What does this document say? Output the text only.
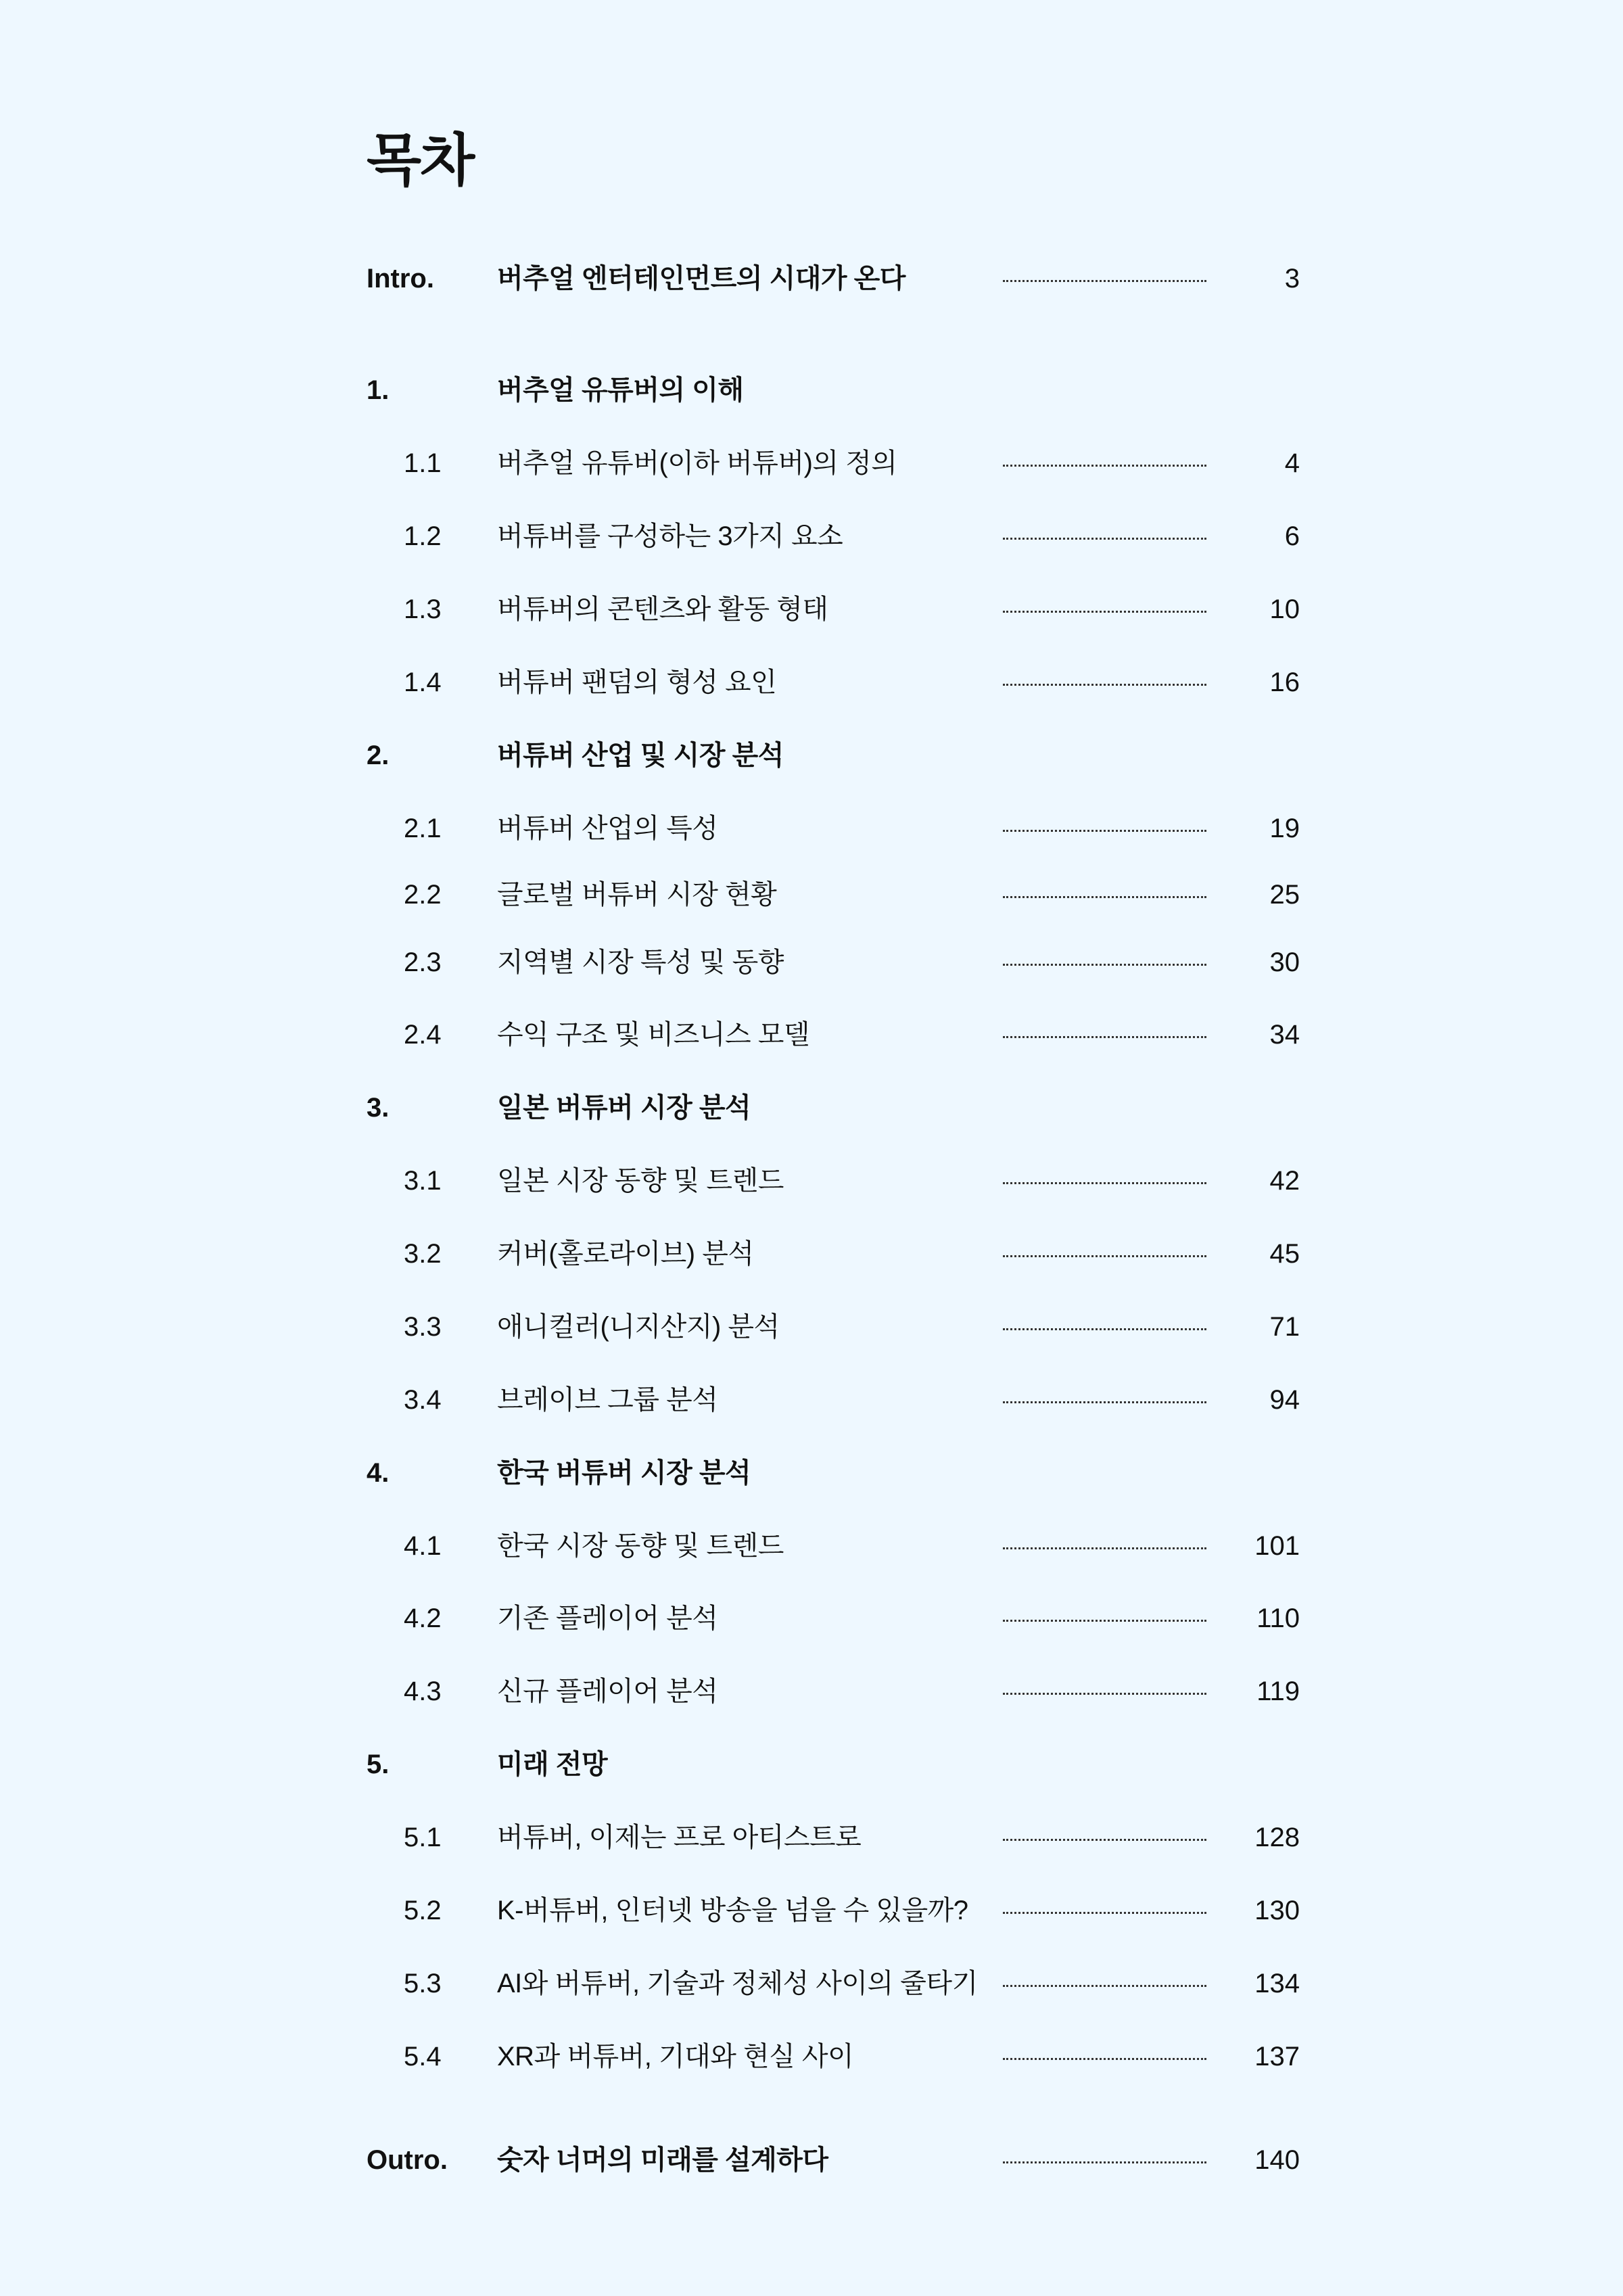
목차
Intro. 버추얼 엔터테인먼트의 시대가 온다	3
1.	버추얼 유튜버의 이해
1.1 버추얼 유튜버(이하 버튜버)의 정의	4
1.2 버튜버를 구성하는 3가지 요소	6
1.3 버튜버의 콘텐츠와 활동 형태	10
1.4 버튜버 팬덤의 형성 요인	16
2.	버튜버 산업 및 시장 분석
2.1 버튜버 산업의 특성	19
2.2 글로벌 버튜버 시장 현황	25
2.3 지역별 시장 특성 및 동향	30
2.4 수익 구조 및 비즈니스 모델	34
3.	일본 버튜버 시장 분석
3.1 일본 시장 동향 및 트렌드	42
3.2 커버(홀로라이브) 분석	45
3.3 애니컬러(니지산지) 분석	71
3.4 브레이브 그룹 분석	94
4.	한국 버튜버 시장 분석
4.1 한국 시장 동향 및 트렌드	101
4.2 기존 플레이어 분석	110
4.3 신규 플레이어 분석	119
5.	미래 전망
5.1 버튜버, 이제는 프로 아티스트로	128
5.2 K-버튜버, 인터넷 방송을 넘을 수 있을까?	130
5.3 AI와 버튜버, 기술과 정체성 사이의 줄타기	134
5.4 XR과 버튜버, 기대와 현실 사이	137
Outro. 숫자 너머의 미래를 설계하다	140
